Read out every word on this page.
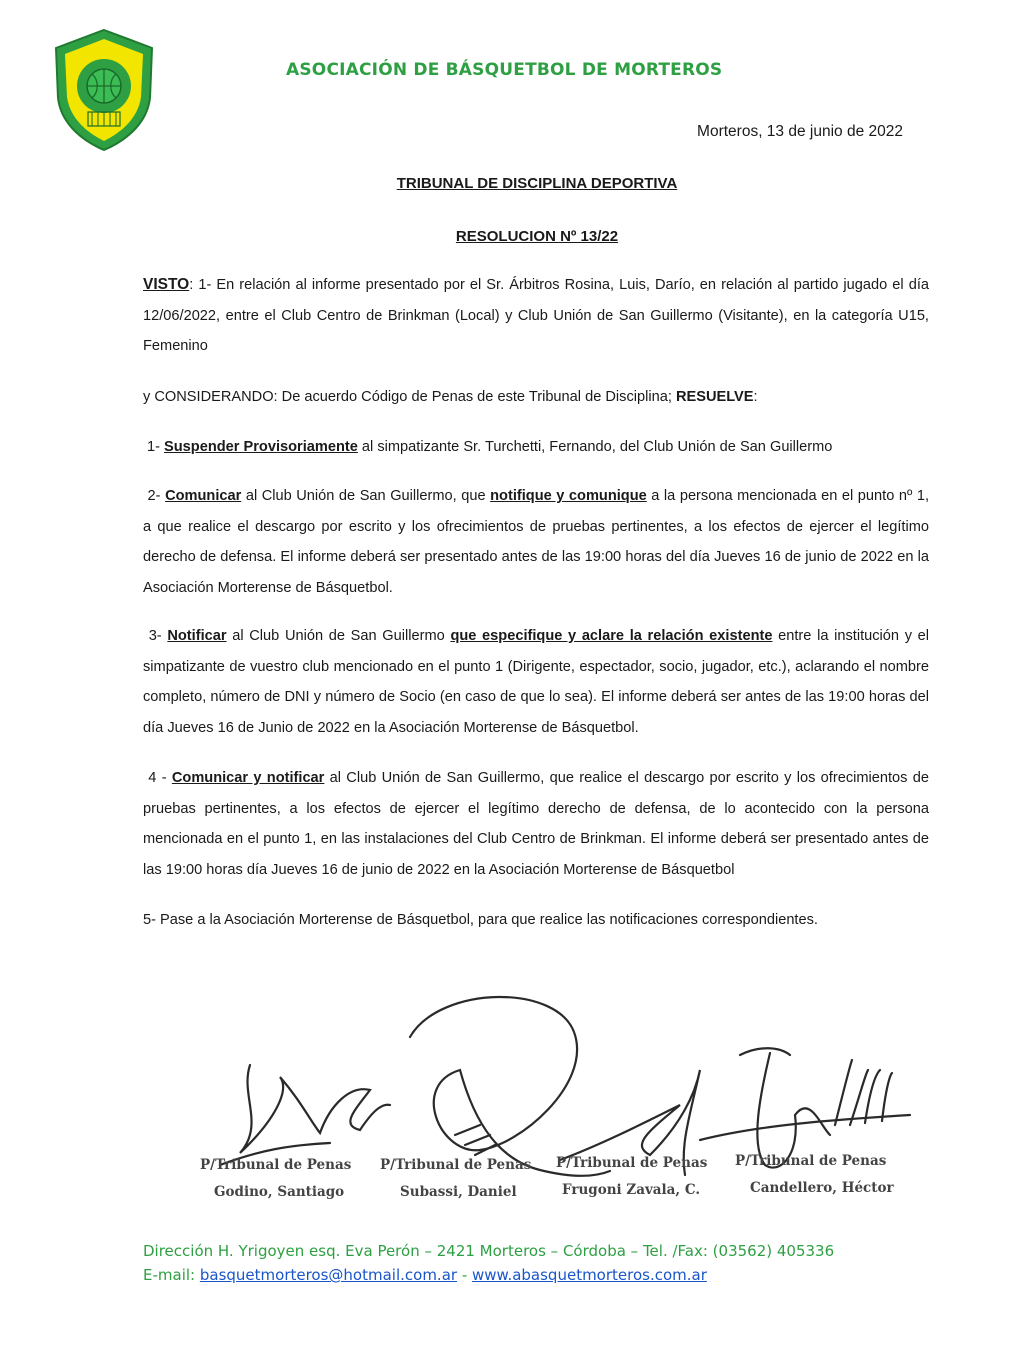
ASOCIACIÓN DE BÁSQUETBOL DE MORTEROS
Morteros, 13 de junio de 2022
TRIBUNAL DE DISCIPLINA DEPORTIVA
RESOLUCION Nº 13/22
VISTO: 1- En relación al informe presentado por el Sr. Árbitros Rosina, Luis, Darío, en relación al partido jugado el día 12/06/2022, entre el Club Centro de Brinkman (Local) y Club Unión de San Guillermo (Visitante), en la categoría U15, Femenino
y CONSIDERANDO: De acuerdo Código de Penas de este Tribunal de Disciplina; RESUELVE:
1- Suspender Provisoriamente al simpatizante Sr. Turchetti, Fernando, del Club Unión de San Guillermo
2- Comunicar al Club Unión de San Guillermo, que notifique y comunique a la persona mencionada en el punto nº 1, a que realice el descargo por escrito y los ofrecimientos de pruebas pertinentes, a los efectos de ejercer el legítimo derecho de defensa. El informe deberá ser presentado antes de las 19:00 horas del día Jueves 16 de junio de 2022 en la Asociación Morterense de Básquetbol.
3- Notificar al Club Unión de San Guillermo que especifique y aclare la relación existente entre la institución y el simpatizante de vuestro club mencionado en el punto 1 (Dirigente, espectador, socio, jugador, etc.), aclarando el nombre completo, número de DNI y número de Socio (en caso de que lo sea). El informe deberá ser antes de las 19:00 horas del día Jueves 16 de Junio de 2022 en la Asociación Morterense de Básquetbol.
4 - Comunicar y notificar al Club Unión de San Guillermo, que realice el descargo por escrito y los ofrecimientos de pruebas pertinentes, a los efectos de ejercer el legítimo derecho de defensa, de lo acontecido con la persona mencionada en el punto 1, en las instalaciones del Club Centro de Brinkman. El informe deberá ser presentado antes de las 19:00 horas día Jueves 16 de junio de 2022 en la Asociación Morterense de Básquetbol
5- Pase a la Asociación Morterense de Básquetbol, para que realice las notificaciones correspondientes.
P/Tribunal de Penas
Godino, Santiago
P/Tribunal de Penas
Subassi, Daniel
P/Tribunal de Penas
Frugoni Zavala, C.
P/Tribunal de Penas
Candellero, Héctor
Dirección H. Yrigoyen esq. Eva Perón – 2421 Morteros – Córdoba – Tel. /Fax: (03562) 405336
E-mail: basquetmorteros@hotmail.com.ar - www.abasquetmorteros.com.ar
